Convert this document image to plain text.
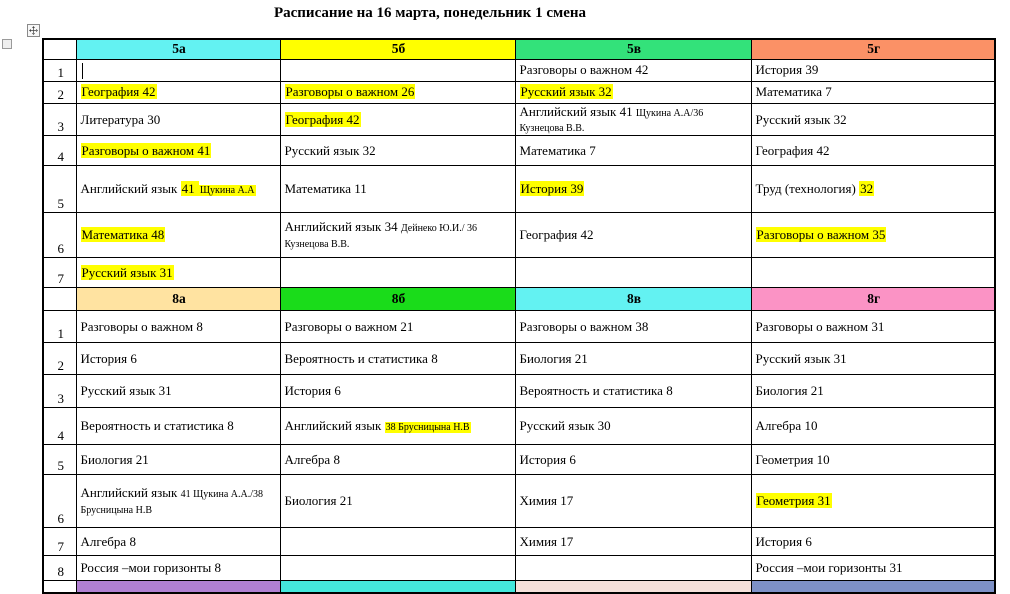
Расписание на 16 марта, понедельник 1 смена
	5а	5б	5в	5г
1			Разговоры о важном 42	История 39
2	География 42	Разговоры о важном 26	Русский язык 32	Математика 7
3	Литература 30	География 42	Английский язык 41 Щукина А.А/36 Кузнецова В.В.	Русский язык 32
4	Разговоры о важном 41	Русский язык 32	Математика 7	География 42
5	Английский язык 41 Щукина А.А	Математика 11	История 39	Труд (технология) 32
6	Математика 48	Английский язык 34 Дейнеко Ю.И./ 36 Кузнецова В.В.	География 42	Разговоры о важном 35
7	Русский язык 31			
	8а	8б	8в	8г
1	Разговоры о важном 8	Разговоры о важном 21	Разговоры о важном 38	Разговоры о важном 31
2	История 6	Вероятность и статистика 8	Биология 21	Русский язык 31
3	Русский язык 31	История 6	Вероятность и статистика 8	Биология 21
4	Вероятность и статистика 8	Английский язык 38 Брусницына Н.В	Русский язык 30	Алгебра 10
5	Биология 21	Алгебра 8	История 6	Геометрия 10
6	Английский язык 41 Щукина А.А./38 Брусницына Н.В	Биология 21	Химия 17	Геометрия 31
7	Алгебра 8		Химия 17	История 6
8	Россия –мои горизонты 8			Россия –мои горизонты 31
